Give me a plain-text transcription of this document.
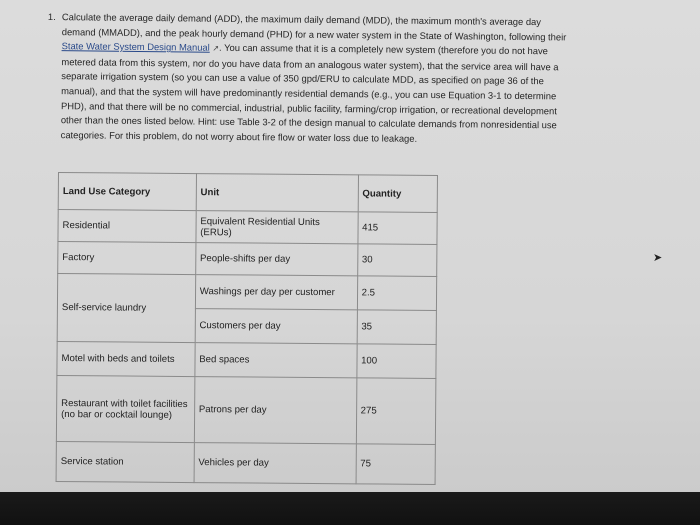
1. Calculate the average daily demand (ADD), the maximum daily demand (MDD), the maximum month's average day demand (MMADD), and the peak hourly demand (PHD) for a new water system in the State of Washington, following their State Water System Design Manual ↗. You can assume that it is a completely new system (therefore you do not have metered data from this system, nor do you have data from an analogous water system), that the service area will have a separate irrigation system (so you can use a value of 350 gpd/ERU to calculate MDD, as specified on page 36 of the manual), and that the system will have predominantly residential demands (e.g., you can use Equation 3-1 to determine PHD), and that there will be no commercial, industrial, public facility, farming/crop irrigation, or recreational development other than the ones listed below. Hint: use Table 3-2 of the design manual to calculate demands from nonresidential use categories. For this problem, do not worry about fire flow or water loss due to leakage.
Land Use Category	Unit	Quantity
Residential	Equivalent Residential Units (ERUs)	415
Factory	People-shifts per day	30
Self-service laundry	Washings per day per customer	2.5
	Customers per day	35
Motel with beds and toilets	Bed spaces	100
Restaurant with toilet facilities (no bar or cocktail lounge)	Patrons per day	275
Service station	Vehicles per day	75
➤
